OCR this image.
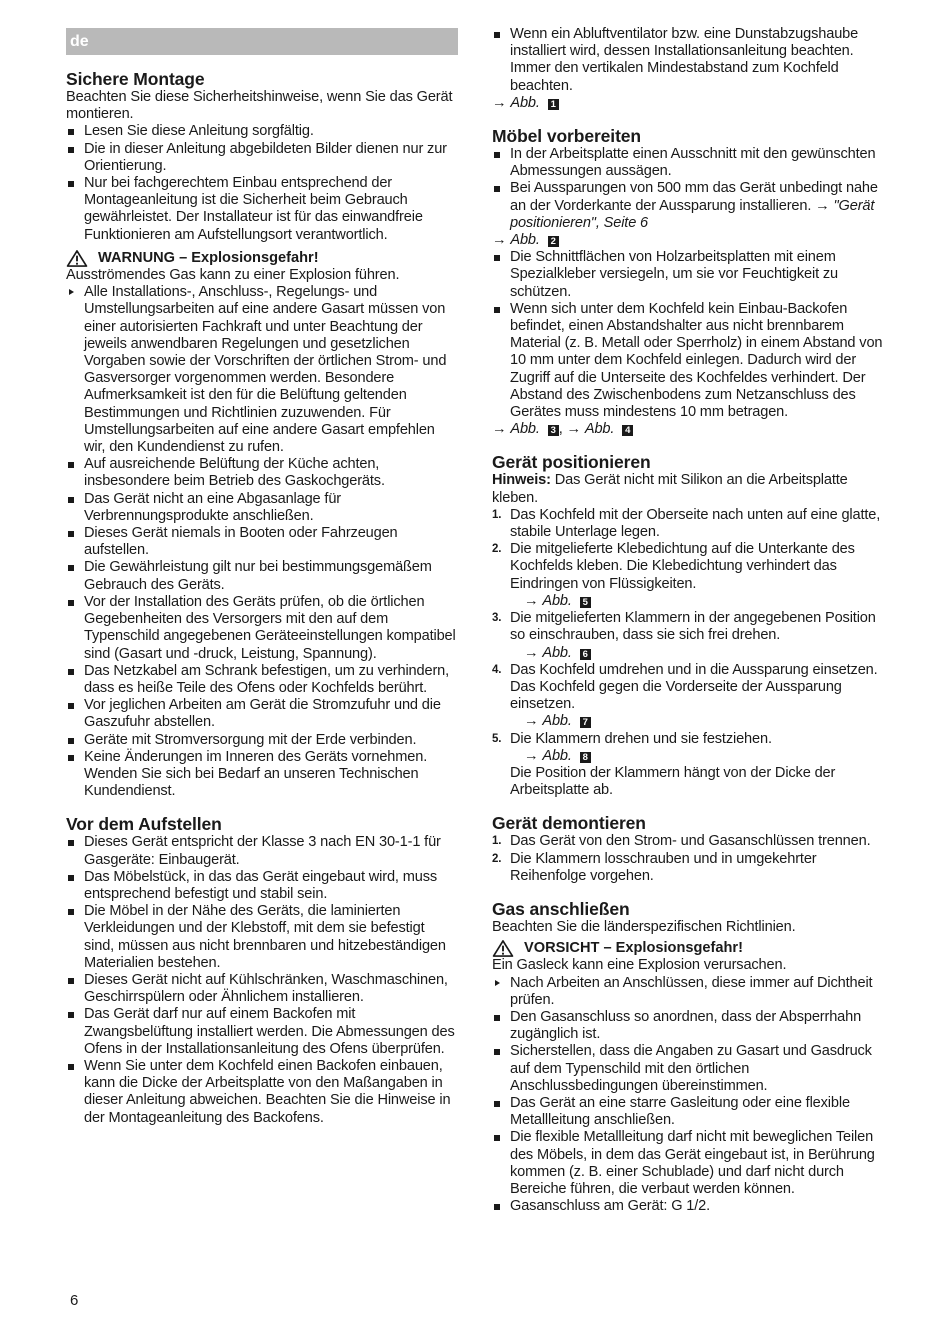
de
Sichere Montage

Beachten Sie diese Sicherheitshinweise, wenn Sie das Gerät montieren.

Lesen Sie diese Anleitung sorgfältig.
Die in dieser Anleitung abgebildeten Bilder dienen nur zur Orientierung.
Nur bei fachgerechtem Einbau entsprechend der Montageanleitung ist die Sicherheit beim Gebrauch gewährleistet. Der Installateur ist für das einwandfreie Funktionieren am Aufstellungsort verantwortlich.
WARNUNG – Explosionsgefahr!

Ausströmendes Gas kann zu einer Explosion führen.

Alle Installations-, Anschluss-, Regelungs- und Umstellungsarbeiten auf eine andere Gasart müssen von einer autorisierten Fachkraft und unter Beachtung der jeweils anwendbaren Regelungen und gesetzlichen Vorgaben sowie der Vorschriften der örtlichen Strom- und Gasversorger vorgenommen werden. Besondere Aufmerksamkeit ist den für die Belüftung geltenden Bestimmungen und Richtlinien zuzuwenden. Für Umstellungsarbeiten auf eine andere Gasart empfehlen wir, den Kundendienst zu rufen.
Auf ausreichende Belüftung der Küche achten, insbesondere beim Betrieb des Gaskochgeräts.
Das Gerät nicht an eine Abgasanlage für Verbrennungsprodukte anschließen.
Dieses Gerät niemals in Booten oder Fahrzeugen aufstellen.
Die Gewährleistung gilt nur bei bestimmungsgemäßem Gebrauch des Geräts.
Vor der Installation des Geräts prüfen, ob die örtlichen Gegebenheiten des Versorgers mit den auf dem Typenschild angegebenen Geräteeinstellungen kompatibel sind (Gasart und -druck, Leistung, Spannung).
Das Netzkabel am Schrank befestigen, um zu verhindern, dass es heiße Teile des Ofens oder Kochfelds berührt.
Vor jeglichen Arbeiten am Gerät die Stromzufuhr und die Gaszufuhr abstellen.
Geräte mit Stromversorgung mit der Erde verbinden.
Keine Änderungen im Inneren des Geräts vornehmen. Wenden Sie sich bei Bedarf an unseren Technischen Kundendienst.
Vor dem Aufstellen
Dieses Gerät entspricht der Klasse 3 nach EN 30-1-1 für Gasgeräte: Einbaugerät.
Das Möbelstück, in das das Gerät eingebaut wird, muss entsprechend befestigt und stabil sein.
Die Möbel in der Nähe des Geräts, die laminierten Verkleidungen und der Klebstoff, mit dem sie befestigt sind, müssen aus nicht brennbaren und hitzebeständigen Materialien bestehen.
Dieses Gerät nicht auf Kühlschränken, Waschmaschinen, Geschirrspülern oder Ähnlichem installieren.
Das Gerät darf nur auf einem Backofen mit Zwangsbelüftung installiert werden. Die Abmessungen des Ofens in der Installationsanleitung des Ofens überprüfen.
Wenn Sie unter dem Kochfeld einen Backofen einbauen, kann die Dicke der Arbeitsplatte von den Maßangaben in dieser Anleitung abweichen. Beachten Sie die Hinweise in der Montageanleitung des Backofens.
Wenn ein Abluftventilator bzw. eine Dunstabzugshaube installiert wird, dessen Installationsanleitung beachten. Immer den vertikalen Mindestabstand zum Kochfeld beachten.

→ Abb. 1

Möbel vorbereiten
In der Arbeitsplatte einen Ausschnitt mit den gewünschten Abmessungen aussägen.
Bei Aussparungen von 500 mm das Gerät unbedingt nahe an der Vorderkante der Aussparung installieren. → "Gerät positionieren", Seite 6

→ Abb. 2

Die Schnittflächen von Holzarbeitsplatten mit einem Spezialkleber versiegeln, um sie vor Feuchtigkeit zu schützen.
Wenn sich unter dem Kochfeld kein Einbau-Backofen befindet, einen Abstandshalter aus nicht brennbarem Material (z. B. Metall oder Sperrholz) in einem Abstand von 10 mm unter dem Kochfeld einlegen. Dadurch wird der Zugriff auf die Unterseite des Kochfeldes verhindert. Der Abstand des Zwischenbodens zum Netzanschluss des Gerätes muss mindestens 10 mm betragen.

→ Abb. 3 , → Abb. 4

Gerät positionieren

Hinweis: Das Gerät nicht mit Silikon an die Arbeitsplatte kleben.

1. Das Kochfeld mit der Oberseite nach unten auf eine glatte, stabile Unterlage legen.
2. Die mitgelieferte Klebedichtung auf die Unterkante des Kochfelds kleben. Die Klebedichtung verhindert das Eindringen von Flüssigkeiten.
→ Abb. 5
3. Die mitgelieferten Klammern in der angegebenen Position so einschrauben, dass sie sich frei drehen.
→ Abb. 6
4. Das Kochfeld umdrehen und in die Aussparung einsetzen. Das Kochfeld gegen die Vorderseite der Aussparung einsetzen.
→ Abb. 7
5. Die Klammern drehen und sie festziehen.
→ Abb. 8
Die Position der Klammern hängt von der Dicke der Arbeitsplatte ab.
Gerät demontieren
1. Das Gerät von den Strom- und Gasanschlüssen trennen.
2. Die Klammern losschrauben und in umgekehrter Reihenfolge vorgehen.
Gas anschließen

Beachten Sie die länderspezifischen Richtlinien.

VORSICHT – Explosionsgefahr!

Ein Gasleck kann eine Explosion verursachen.

Nach Arbeiten an Anschlüssen, diese immer auf Dichtheit prüfen.
Den Gasanschluss so anordnen, dass der Absperrhahn zugänglich ist.
Sicherstellen, dass die Angaben zu Gasart und Gasdruck auf dem Typenschild mit den örtlichen Anschlussbedingungen übereinstimmen.
Das Gerät an eine starre Gasleitung oder eine flexible Metallleitung anschließen.
Die flexible Metallleitung darf nicht mit beweglichen Teilen des Möbels, in dem das Gerät eingebaut ist, in Berührung kommen (z. B. einer Schublade) und darf nicht durch Bereiche führen, die verbaut werden können.
Gasanschluss am Gerät: G 1/2.
6
